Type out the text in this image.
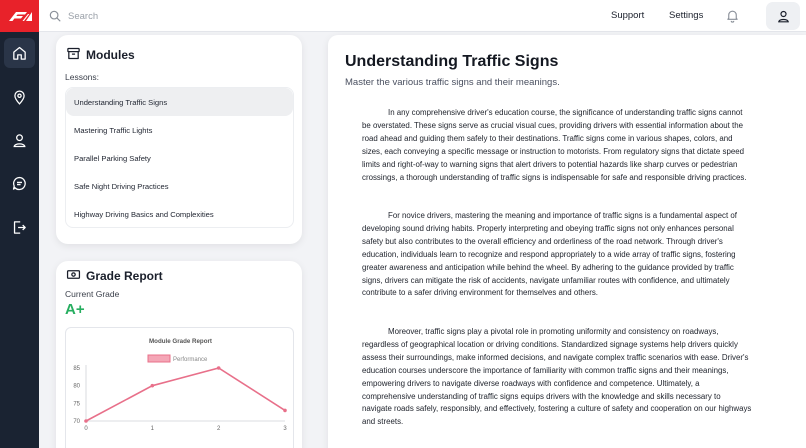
Search
Support	Settings
Modules
Lessons:
Understanding Traffic Signs
Mastering Traffic Lights
Parallel Parking Safety
Safe Night Driving Practices
Highway Driving Basics and Complexities
Grade Report
Current Grade
A+
Module Grade Report
Performance
70
75
80
85
0	1	2	3
Understanding Traffic Signs
Master the various traffic signs and their meanings.

In any comprehensive driver's education course, the significance of understanding traffic signs cannot be overstated. These signs serve as crucial visual cues, providing drivers with essential information about the road ahead and guiding them safely to their destinations. Traffic signs come in various shapes, colors, and sizes, each conveying a specific message or instruction to motorists. From regulatory signs that dictate speed limits and right-of-way to warning signs that alert drivers to potential hazards like sharp curves or pedestrian crossings, a thorough understanding of traffic signs is indispensable for safe and responsible driving practices.

For novice drivers, mastering the meaning and importance of traffic signs is a fundamental aspect of developing sound driving habits. Properly interpreting and obeying traffic signs not only enhances personal safety but also contributes to the overall efficiency and orderliness of the road network. Through driver's education, individuals learn to recognize and respond appropriately to a wide array of traffic signs, fostering greater awareness and anticipation while behind the wheel. By adhering to the guidance provided by traffic signs, drivers can mitigate the risk of accidents, navigate unfamiliar routes with confidence, and ultimately contribute to a safer driving environment for themselves and others.

Moreover, traffic signs play a pivotal role in promoting uniformity and consistency on roadways, regardless of geographical location or driving conditions. Standardized signage systems help drivers quickly assess their surroundings, make informed decisions, and navigate complex traffic scenarios with ease. Driver's education courses underscore the importance of familiarity with common traffic signs and their meanings, empowering drivers to navigate diverse roadways with confidence and competence. Ultimately, a comprehensive understanding of traffic signs equips drivers with the knowledge and skills necessary to navigate roads safely, responsibly, and effectively, fostering a culture of safety and cooperation on our highways and streets.
